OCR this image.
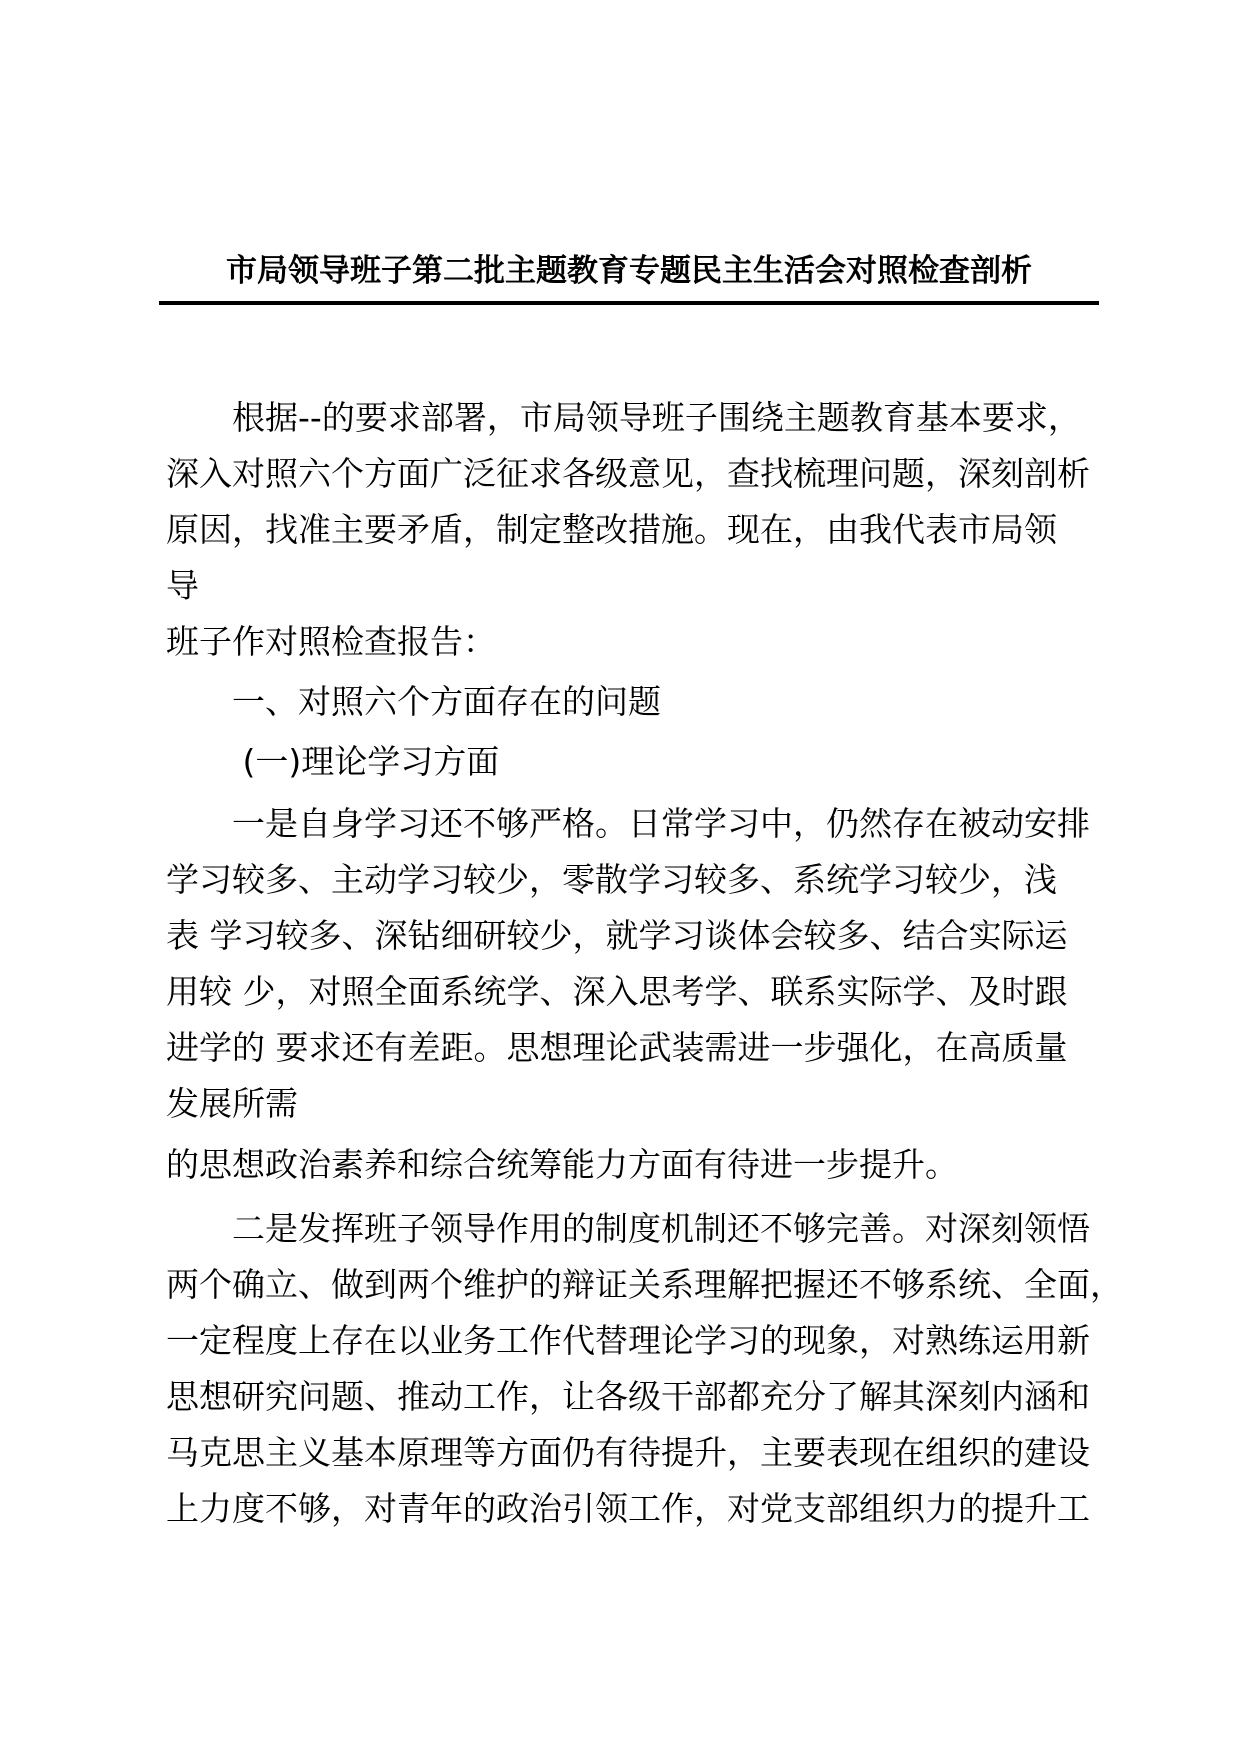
市局领导班子第二批主题教育专题民主生活会对照检查剖析
　　根据--的要求部署，市局领导班子围绕主题教育基本要求，
深入对照六个方面广泛征求各级意见，查找梳理问题，深刻剖析
原因，找准主要矛盾，制定整改措施。现在，由我代表市局领
导
班子作对照检查报告：
　　一、对照六个方面存在的问题
　　 (一)理论学习方面
　　一是自身学习还不够严格。日常学习中，仍然存在被动安排
学习较多、主动学习较少，零散学习较多、系统学习较少，浅
表 学习较多、深钻细研较少，就学习谈体会较多、结合实际运
用较 少，对照全面系统学、深入思考学、联系实际学、及时跟
进学的 要求还有差距。思想理论武装需进一步强化，在高质量
发展所需
的思想政治素养和综合统筹能力方面有待进一步提升。
　　二是发挥班子领导作用的制度机制还不够完善。对深刻领悟
两个确立、做到两个维护的辩证关系理解把握还不够系统、全面，
一定程度上存在以业务工作代替理论学习的现象，对熟练运用新
思想研究问题、推动工作，让各级干部都充分了解其深刻内涵和
马克思主义基本原理等方面仍有待提升，主要表现在组织的建设
上力度不够，对青年的政治引领工作，对党支部组织力的提升工
